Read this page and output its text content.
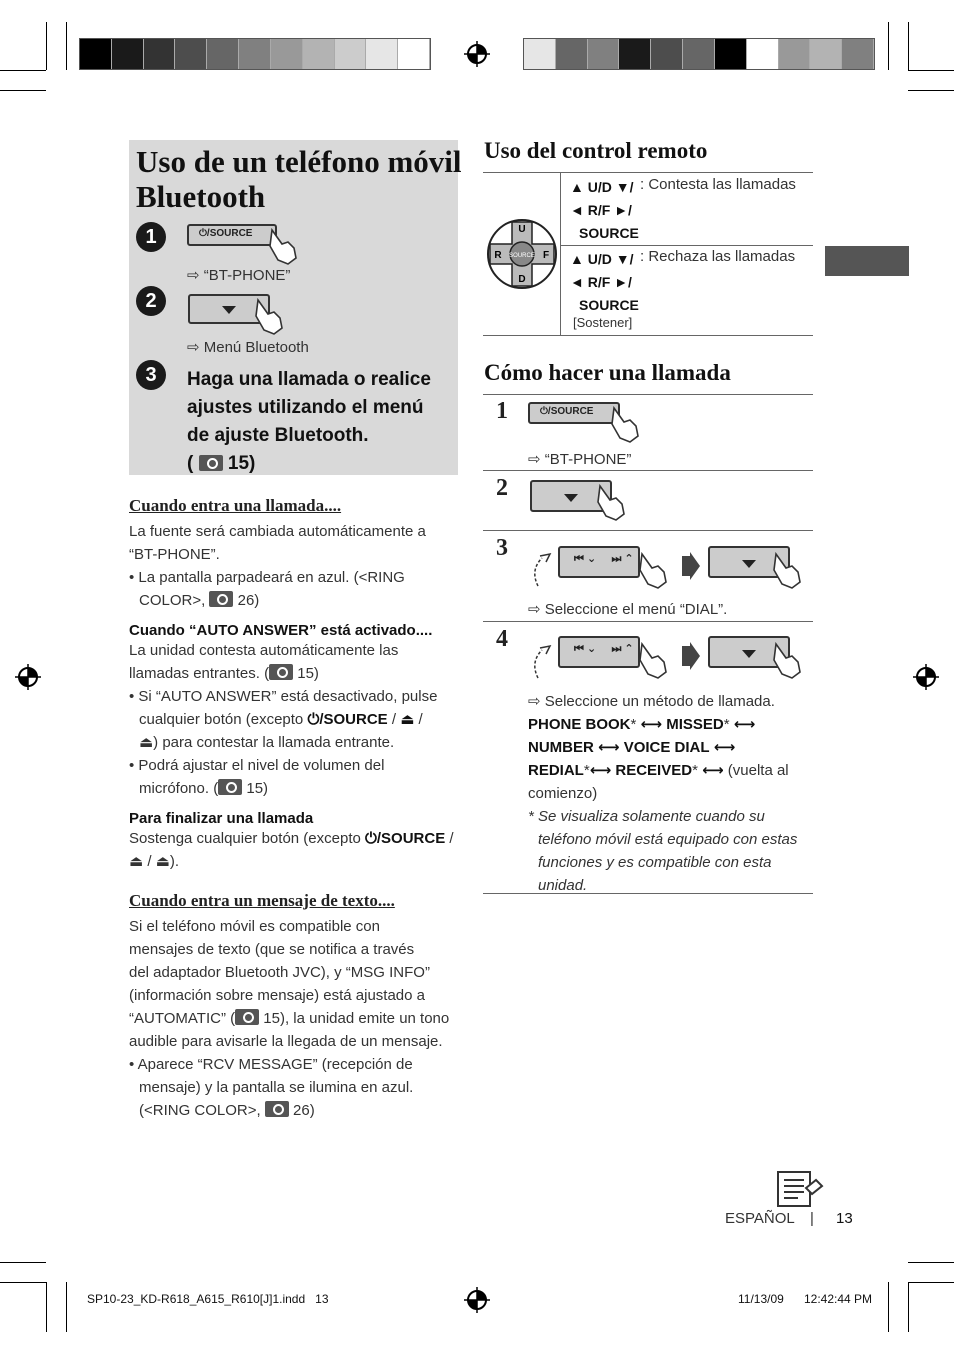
Uso de un teléfono móvil
Bluetooth
1	⏻/SOURCE
⇨ “BT-PHONE”
2
⇨ Menú Bluetooth
3	Haga una llamada o realice
ajustes utilizando el menú
de ajuste Bluetooth.
( 15)
Cuando entra una llamada....
La fuente será cambiada automáticamente a
“BT-PHONE”.
• La pantalla parpadeará en azul. (<RING
COLOR>, 26)
Cuando “AUTO ANSWER” está activado....
La unidad contesta automáticamente las
llamadas entrantes. ( 15)
• Si “AUTO ANSWER” está desactivado, pulse
cualquier botón (excepto ⏻/SOURCE / ⏏ /
⏏) para contestar la llamada entrante.
• Podrá ajustar el nivel de volumen del
micrófono. ( 15)
Para finalizar una llamada
Sostenga cualquier botón (excepto ⏻/SOURCE /
⏏ / ⏏).
Cuando entra un mensaje de texto....
Si el teléfono móvil es compatible con
mensajes de texto (que se notifica a través
del adaptador Bluetooth JVC), y “MSG INFO”
(información sobre mensaje) está ajustado a
“AUTOMATIC” ( 15), la unidad emite un tono
audible para avisarle la llegada de un mensaje.
• Aparece “RCV MESSAGE” (recepción de
mensaje) y la pantalla se ilumina en azul.
(<RING COLOR>, 26)
Uso del control remoto
U
D
R	F
SOURCE
▲ U/D ▼/
◄ R/F ►/
SOURCE
: Contesta las llamadas
▲ U/D ▼/
◄ R/F ►/
SOURCE
: Rechaza las llamadas
[Sostener]
Cómo hacer una llamada
1	⏻/SOURCE
⇨ “BT-PHONE”
2
3	⏮ ⌄     ⏭ ⌃
⇨ Seleccione el menú “DIAL”.
4	⏮ ⌄     ⏭ ⌃
⇨ Seleccione un método de llamada.
PHONE BOOK* ⟷ MISSED* ⟷
NUMBER ⟷ VOICE DIAL ⟷
REDIAL*⟷ RECEIVED* ⟷ (vuelta al
comienzo)
* Se visualiza solamente cuando su
teléfono móvil está equipado con estas
funciones y es compatible con esta
unidad.
ESPAÑOL | 13
SP10-23_KD-R618_A615_R610[J]1.indd   13	11/13/09 12:42:44 PM
